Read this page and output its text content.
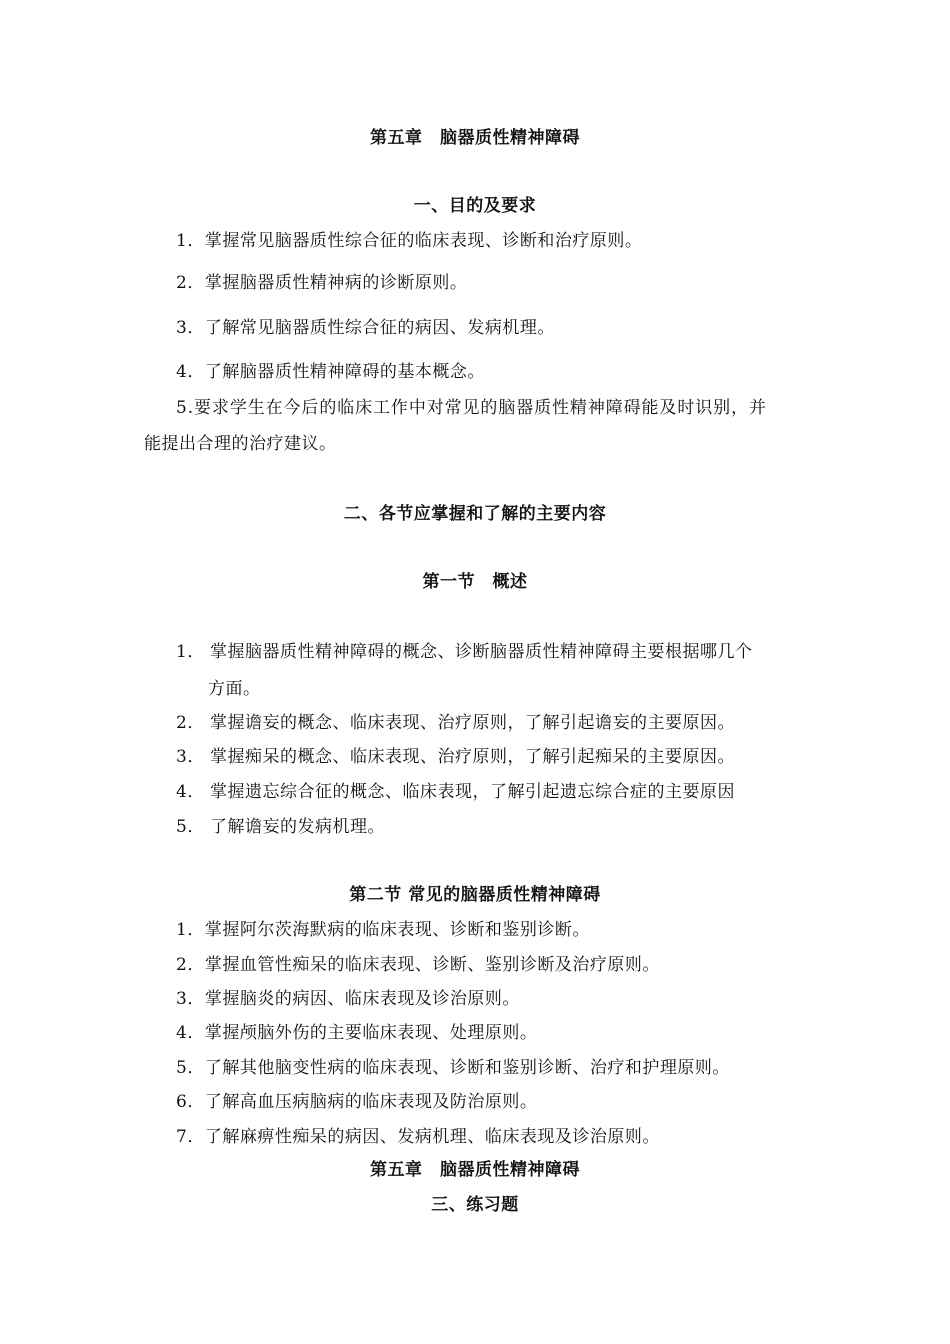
第五章　脑器质性精神障碍
一、目的及要求
1．掌握常见脑器质性综合征的临床表现、诊断和治疗原则。
2．掌握脑器质性精神病的诊断原则。
3．了解常见脑器质性综合征的病因、发病机理。
4．了解脑器质性精神障碍的基本概念。
5.要求学生在今后的临床工作中对常见的脑器质性精神障碍能及时识别，并
能提出合理的治疗建议。
二、各节应掌握和了解的主要内容
第一节　概述
1． 掌握脑器质性精神障碍的概念、诊断脑器质性精神障碍主要根据哪几个
方面。
2． 掌握谵妄的概念、临床表现、治疗原则，了解引起谵妄的主要原因。
3． 掌握痴呆的概念、临床表现、治疗原则，了解引起痴呆的主要原因。
4． 掌握遗忘综合征的概念、临床表现，了解引起遗忘综合症的主要原因
5． 了解谵妄的发病机理。
第二节 常见的脑器质性精神障碍
1．掌握阿尔茨海默病的临床表现、诊断和鉴别诊断。
2．掌握血管性痴呆的临床表现、诊断、鉴别诊断及治疗原则。
3．掌握脑炎的病因、临床表现及诊治原则。
4．掌握颅脑外伤的主要临床表现、处理原则。
5．了解其他脑变性病的临床表现、诊断和鉴别诊断、治疗和护理原则。
6．了解高血压病脑病的临床表现及防治原则。
7．了解麻痹性痴呆的病因、发病机理、临床表现及诊治原则。
第五章　脑器质性精神障碍
三、练习题
